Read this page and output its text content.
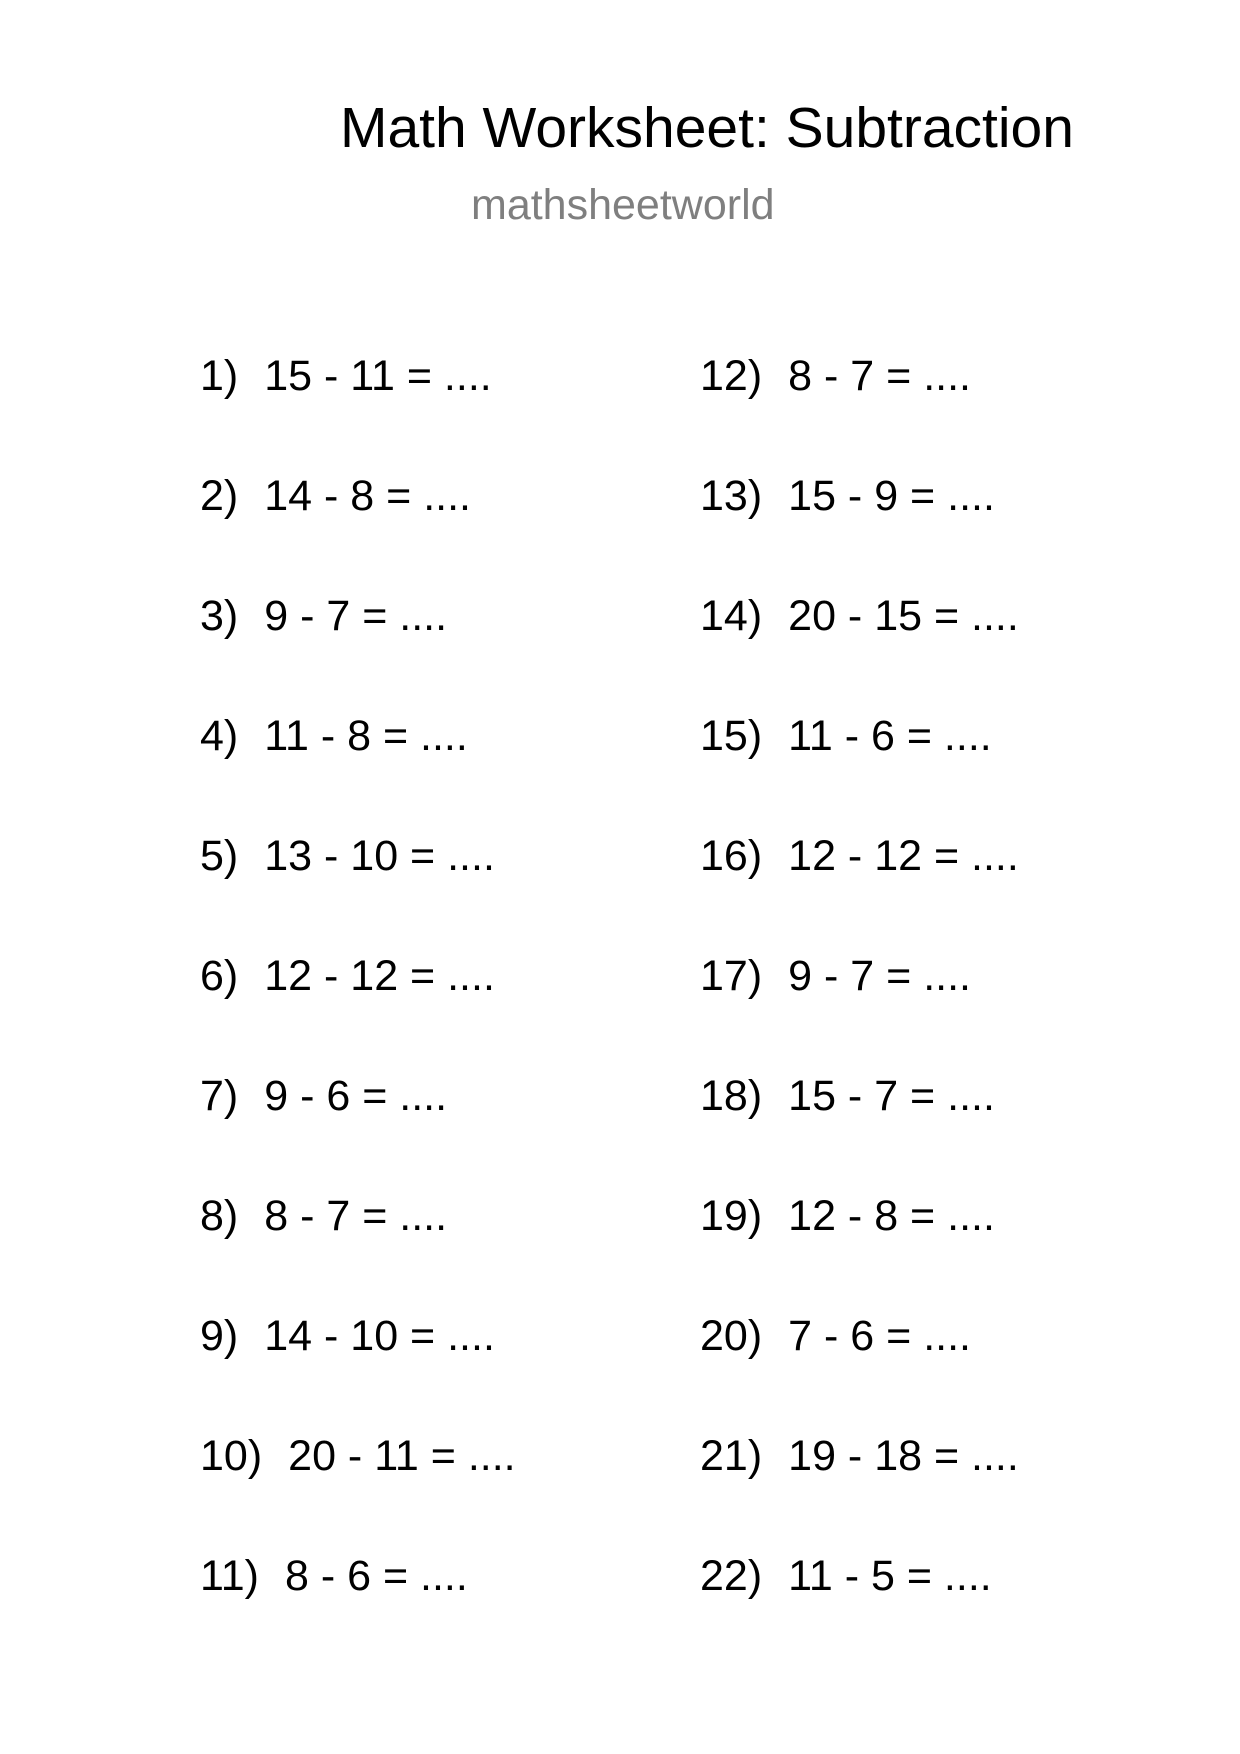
Math Worksheet: Subtraction
mathsheetworld
1) 15 - 11 = ....
2) 14 - 8 = ....
3) 9 - 7 = ....
4) 11 - 8 = ....
5) 13 - 10 = ....
6) 12 - 12 = ....
7) 9 - 6 = ....
8) 8 - 7 = ....
9) 14 - 10 = ....
10) 20 - 11 = ....
11) 8 - 6 = ....
12) 8 - 7 = ....
13) 15 - 9 = ....
14) 20 - 15 = ....
15) 11 - 6 = ....
16) 12 - 12 = ....
17) 9 - 7 = ....
18) 15 - 7 = ....
19) 12 - 8 = ....
20) 7 - 6 = ....
21) 19 - 18 = ....
22) 11 - 5 = ....
